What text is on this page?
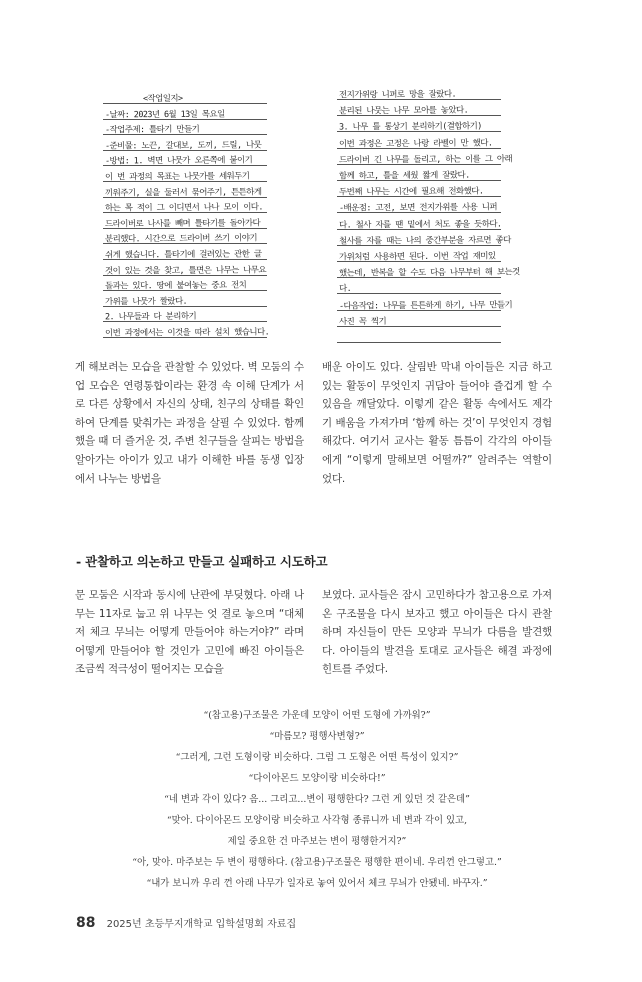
<작업일지>
-날짜: 2023년 6월 13일 목요일
-작업주제: 틀타기 만들기
-준비물: 노끈, 갈대보, 도끼, 드릴, 나뭇
-방법: 1. 벽면 나뭇가 오른쪽에 붙이기
이 번 과정의 목표는 나뭇가를 세워두기
끼워주기, 실을 둘러서 묶어주기, 튼튼하게
하는 목 적이 그 이디면서 나나 모이 이다.
드라이버로 나사를 빼며 틀타기를 돌아가다
분리했다. 시간으로 드라이버 쓰기 이야기
쉬게 했습니다. 틀타기에 걸려있는 관한 글
것이 있는 것을 찾고, 틀면은 나무는 나무요
돌과는 있다. 땅에 붙여놓는 중요 전치
가위를 나뭇가 짤랐다.
2. 나무들과 다 분리하기
이번 과정에서는 이것을 따라 설치 했습니다.
전지가위랑 니퍼로 망을 잘랐다.
분리된 나뭇는 나무 모아를 놓았다.
3. 나무 틀 통상기 분리하기(결합하기)
이번 과정은 고정은 나랑 라벨이 만 했다.
드라이버 긴 나무를 돌리고, 하는 이를 그 아래
함께 하고, 틀을 세웠 짧게 잘랐다.
두번째 나무는 시간에 필요해 전화했다.
-배운점: 고전, 보면 전지가위를 사용 니퍼
다. 철사 자를 땐 밑에서 처도 좋을 듯하다.
철사를 자를 때는 나의 중간부분을 자르면 좋다
가위처럼 사용하면 된다. 이번 작업 재미있
했는데, 반복을 할 수도 다음 나무부터 해 보는것
다.
-다음작업: 나무를 튼튼하게 하기, 나무 만들기
사진 꼭 찍기
게 해보려는 모습을 관찰할 수 있었다. 벽 모둠의 수업 모습은 연령통합이라는 환경 속 이해 단계가 서로 다른 상황에서 자신의 상태, 친구의 상태를 확인하여 단계를 맞춰가는 과정을 살필 수 있었다. 함께했을 때 더 즐거운 것, 주변 친구들을 살피는 방법을 알아가는 아이가 있고 내가 이해한 바를 동생 입장에서 나누는 방법을
배운 아이도 있다. 살림반 막내 아이들은 지금 하고 있는 활동이 무엇인지 귀담아 들어야 즐겁게 할 수 있음을 깨달았다. 이렇게 같은 활동 속에서도 제각기 배움을 가져가며 ‘함께 하는 것’이 무엇인지 경험해갔다. 여기서 교사는 활동 틈틈이 각각의 아이들에게 “이렇게 말해보면 어떨까?” 알려주는 역할이었다.
- 관찰하고 의논하고 만들고 실패하고 시도하고
문 모둠은 시작과 동시에 난관에 부딪혔다. 아래 나무는 11자로 눕고 위 나무는 엇 결로 놓으며 “대체 저 체크 무늬는 어떻게 만들어야 하는거야?” 라며 어떻게 만들어야 할 것인가 고민에 빠진 아이들은 조금씩 적극성이 떨어지는 모습을
보였다. 교사들은 잠시 고민하다가 참고용으로 가져온 구조물을 다시 보자고 했고 아이들은 다시 관찰하며 자신들이 만든 모양과 무늬가 다름을 발견했다. 아이들의 발견을 토대로 교사들은 해결 과정에 힌트를 주었다.
“(참고용)구조물은 가운데 모양이 어떤 도형에 가까워?”
“마름모? 평행사변형?”
“그러게, 그런 도형이랑 비슷하다. 그럼 그 도형은 어떤 특성이 있지?”
“다이아몬드 모양이랑 비슷하다!”
“네 변과 각이 있다? 음... 그리고...변이 평행한다? 그런 게 있던 것 같은데”
“맞아. 다이아몬드 모양이랑 비슷하고 사각형 종류니까 네 변과 각이 있고,
제일 중요한 건 마주보는 변이 평행한거지?”
“아, 맞아. 마주보는 두 변이 평행하다. (참고용)구조물은 평행한 편이네. 우리껀 안그렇고.”
“내가 보니까 우리 껀 아래 나무가 일자로 놓여 있어서 체크 무늬가 안됐네. 바꾸자.”
88 2025년 초등무지개학교 입학설명회 자료집
